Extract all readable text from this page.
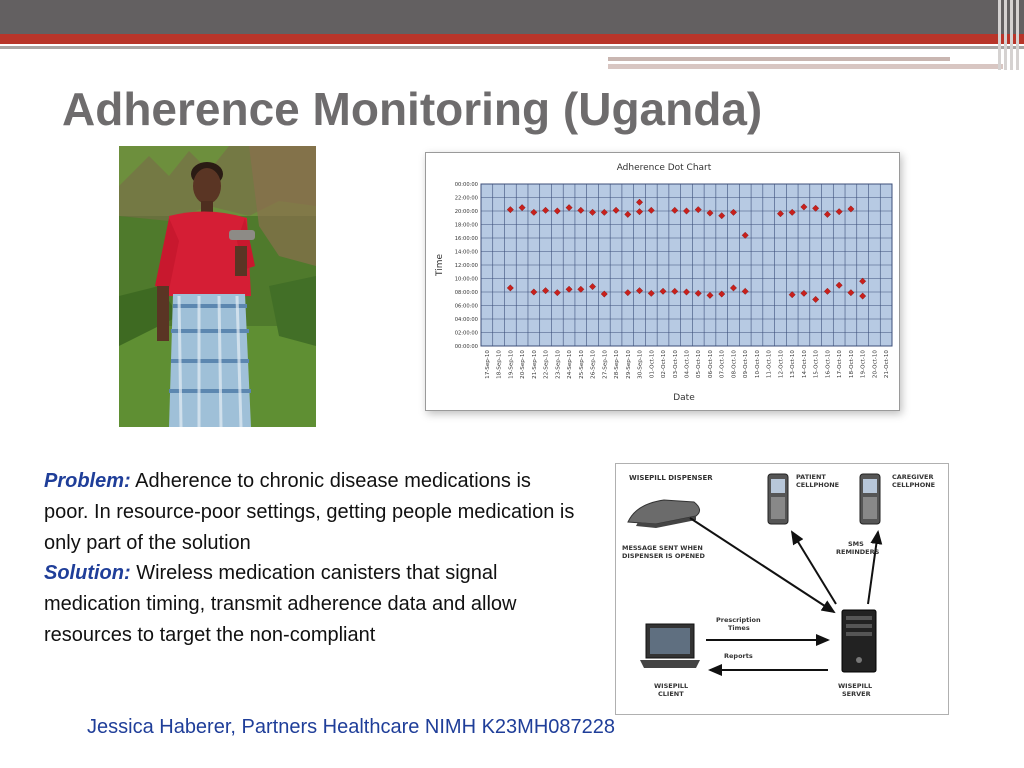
Adherence Monitoring (Uganda)
Adherence Dot Chart
00:00:00
02:00:00
04:00:00
06:00:00
08:00:00
10:00:00
12:00:00
14:00:00
16:00:00
18:00:00
20:00:00
22:00:00
00:00:00
17-Sep-10 18-Sep-10 19-Sep-10 20-Sep-10 21-Sep-10 22-Sep-10 23-Sep-10 24-Sep-10 25-Sep-10 26-Sep-10 27-Sep-10 28-Sep-10 29-Sep-10 30-Sep-10 01-Oct-10 02-Oct-10 03-Oct-10 04-Oct-10 05-Oct-10 06-Oct-10 07-Oct-10 08-Oct-10 09-Oct-10 10-Oct-10 11-Oct-10 12-Oct-10 13-Oct-10 14-Oct-10 15-Oct-10 16-Oct-10 17-Oct-10 18-Oct-10 19-Oct-10 20-Oct-10 21-Oct-10
Time
Date

Problem: Adherence to chronic disease medications is poor. In resource-poor settings, getting people medication is only part of the solution

Solution: Wireless medication canisters that signal medication timing, transmit adherence data and allow resources to target the non-compliant

WISEPILL DISPENSER
MESSAGE SENT WHEN
DISPENSER IS OPENED
PATIENT
CELLPHONE
CAREGIVER
CELLPHONE
SMS
REMINDERS
WISEPILL
CLIENT
Prescription
Times
Reports
WISEPILL
SERVER
Jessica Haberer, Partners Healthcare NIMH K23MH087228
